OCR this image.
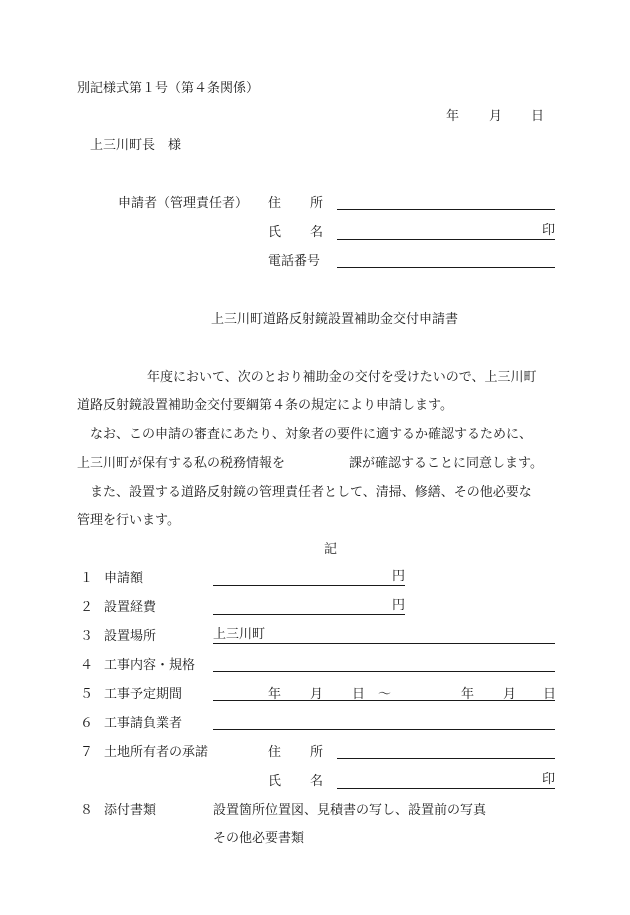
別記様式第１号（第４条関係）
年 月 日
上三川町長　様
申請者（管理責任者） 住 所
氏 名	印
電話番号
上三川町道路反射鏡設置補助金交付申請書
年度において、次のとおり補助金の交付を受けたいので、上三川町
道路反射鏡設置補助金交付要綱第４条の規定により申請します。
なお、この申請の審査にあたり、対象者の要件に適するか確認するために、
上三川町が保有する私の税務情報を	課が確認することに同意します。
また、設置する道路反射鏡の管理責任者として、清掃、修繕、その他必要な
管理を行います。
記
１ 申請額	円
２ 設置経費	円
３ 設置場所	上三川町
４ 工事内容・規格
５ 工事予定期間	年 月 日 ～	年 月 日
６ 工事請負業者
７ 土地所有者の承諾	住 所
氏 名	印
８ 添付書類	設置箇所位置図、見積書の写し、設置前の写真
その他必要書類
